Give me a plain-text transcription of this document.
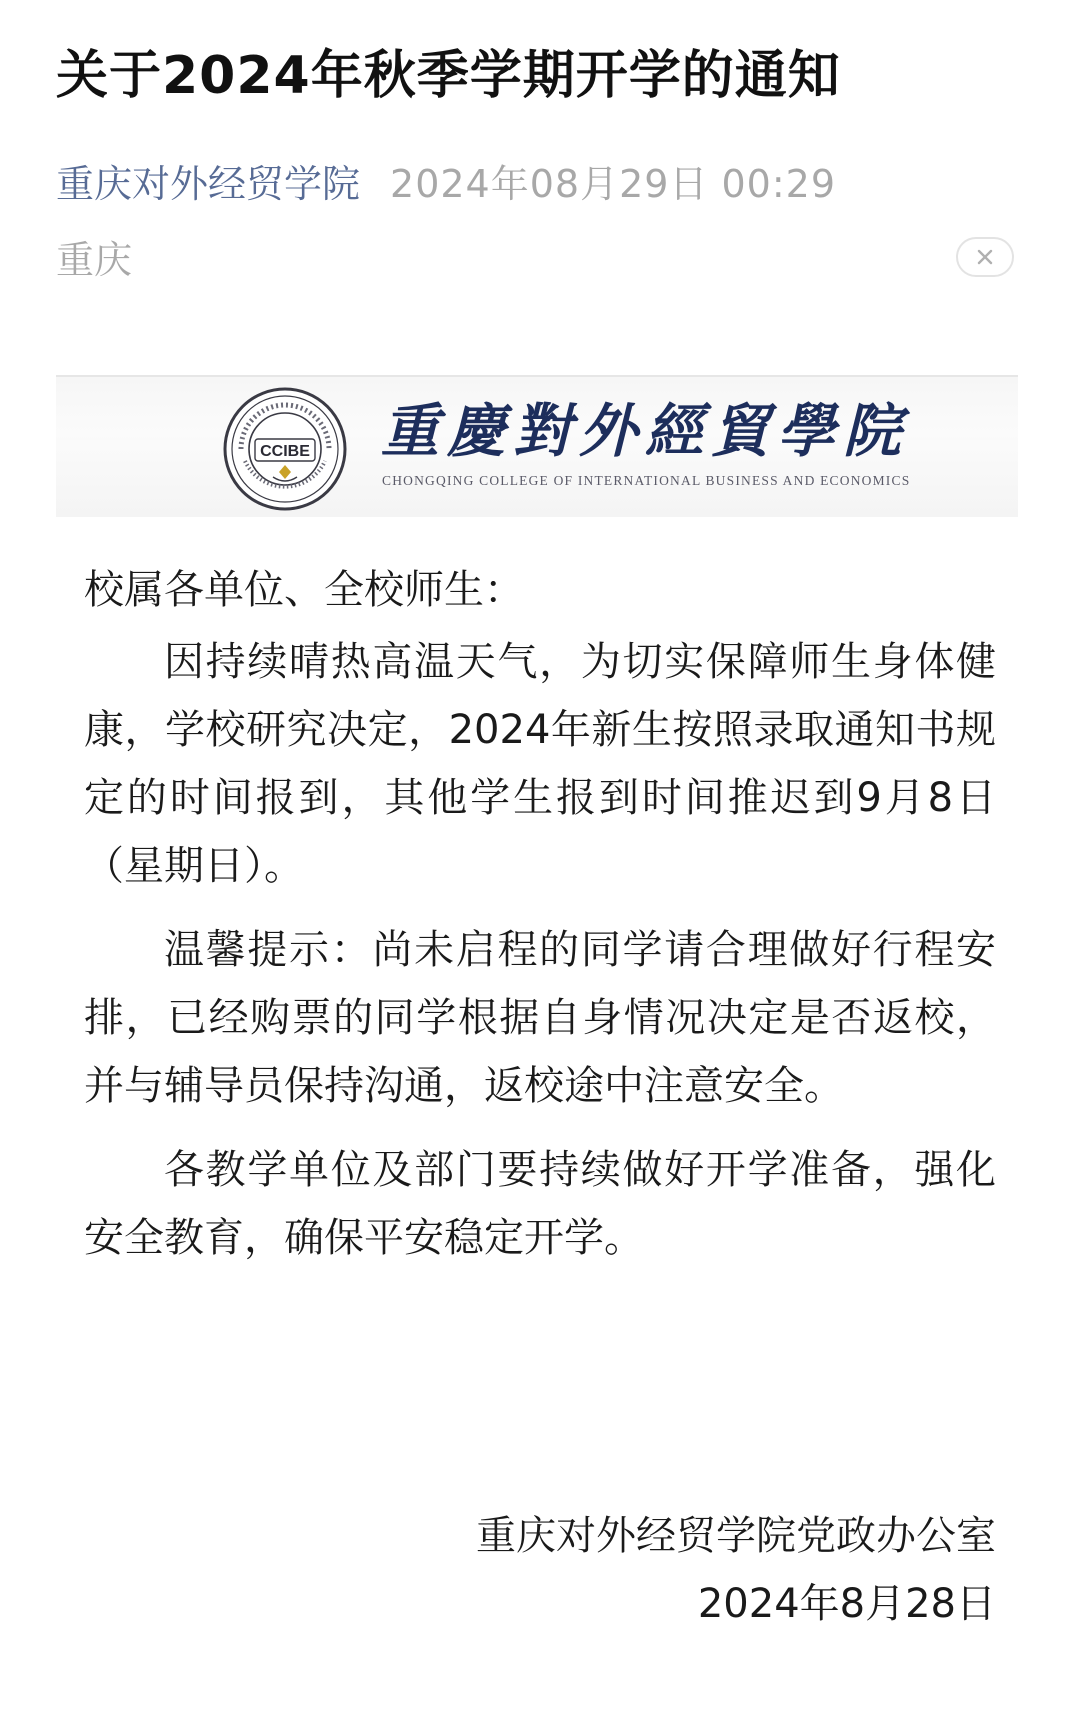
关于2024年秋季学期开学的通知
重庆对外经贸学院 2024年08月29日 00:29
重庆
CCIBE 重慶對外經貿學院
CHONGQING COLLEGE OF INTERNATIONAL BUSINESS AND ECONOMICS

校属各单位、全校师生：

因持续晴热高温天气，为切实保障师生身体健康，学校研究决定，2024年新生按照录取通知书规定的时间报到，其他学生报到时间推迟到9月8日（星期日）。

温馨提示：尚未启程的同学请合理做好行程安排，已经购票的同学根据自身情况决定是否返校，并与辅导员保持沟通，返校途中注意安全。

各教学单位及部门要持续做好开学准备，强化安全教育，确保平安稳定开学。

重庆对外经贸学院党政办公室
2024年8月28日
